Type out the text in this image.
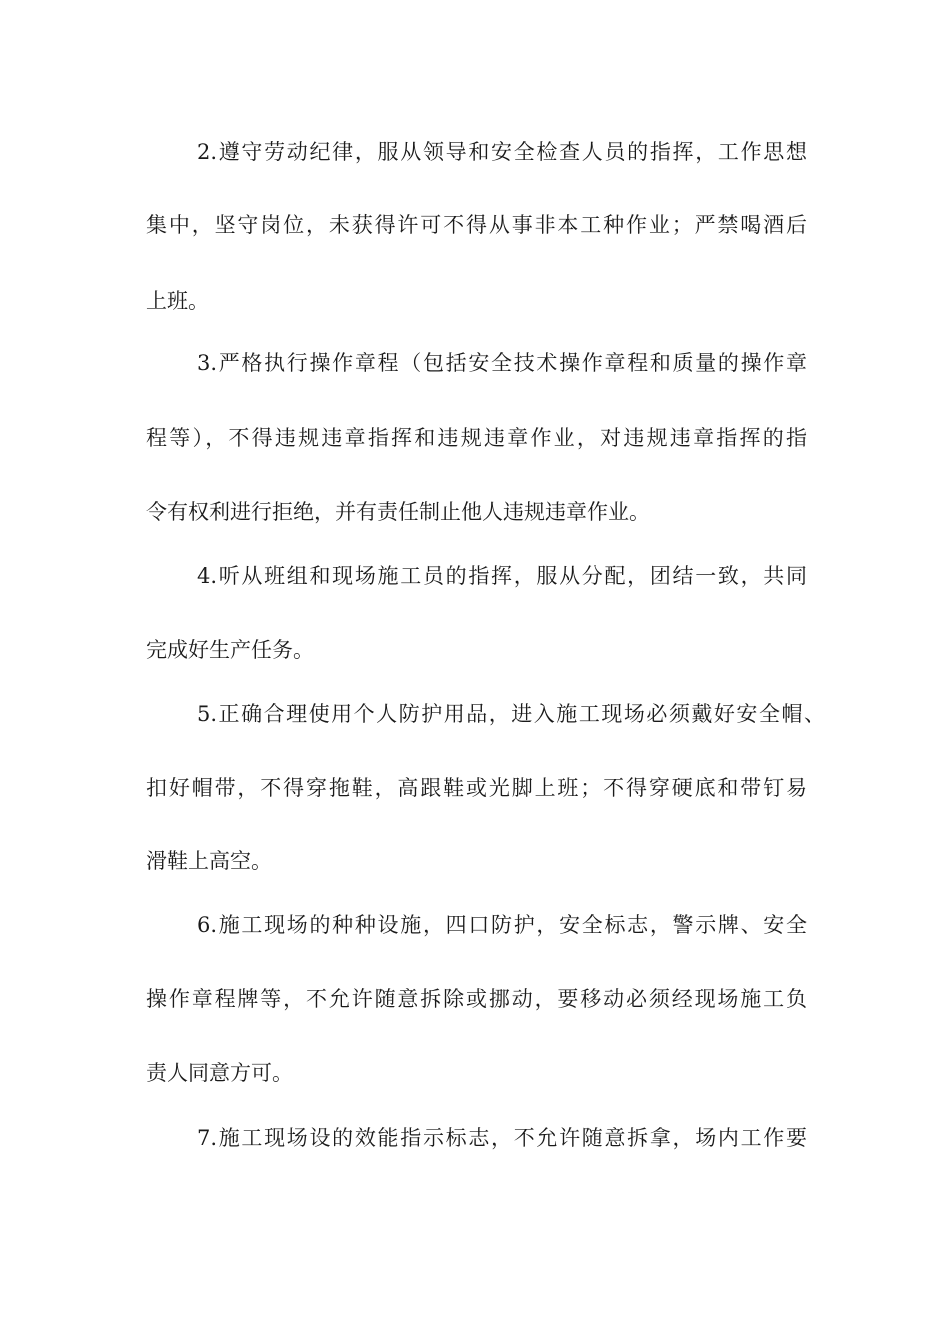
2.遵守劳动纪律，服从领导和安全检查人员的指挥，工作思想
集中，坚守岗位，未获得许可不得从事非本工种作业；严禁喝酒后
上班。
3.严格执行操作章程（包括安全技术操作章程和质量的操作章
程等），不得违规违章指挥和违规违章作业，对违规违章指挥的指
令有权利进行拒绝，并有责任制止他人违规违章作业。
4.听从班组和现场施工员的指挥，服从分配，团结一致，共同
完成好生产任务。
5.正确合理使用个人防护用品，进入施工现场必须戴好安全帽、
扣好帽带，不得穿拖鞋，高跟鞋或光脚上班；不得穿硬底和带钉易
滑鞋上高空。
6.施工现场的种种设施，四口防护，安全标志，警示牌、安全
操作章程牌等，不允许随意拆除或挪动，要移动必须经现场施工负
责人同意方可。
7.施工现场设的效能指示标志，不允许随意拆拿，场内工作要
